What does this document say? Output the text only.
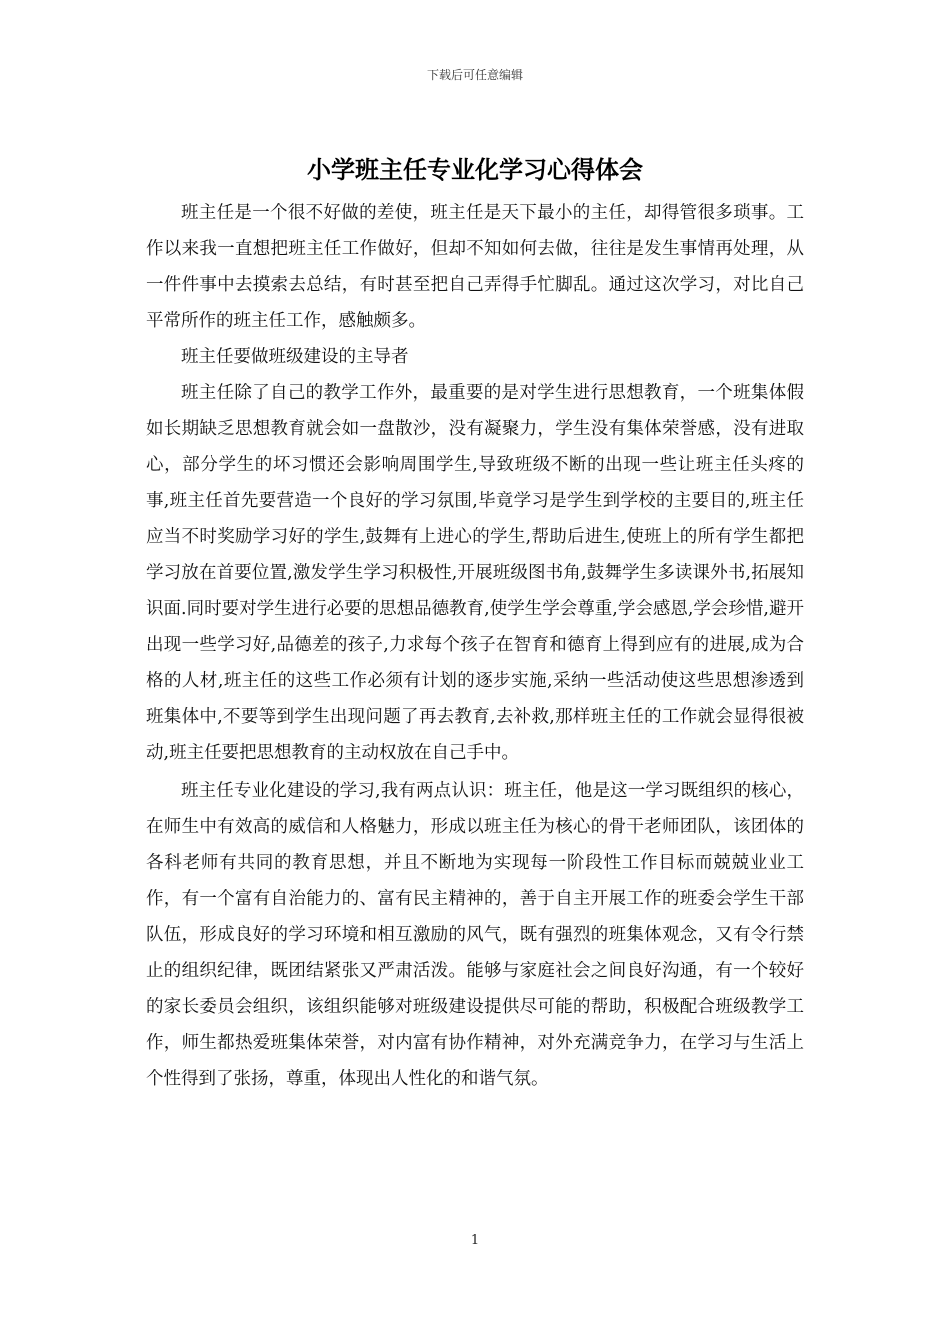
下载后可任意编辑
小学班主任专业化学习心得体会

班主任是一个很不好做的差使，班主任是天下最小的主任，却得管很多琐事。工作以来我一直想把班主任工作做好，但却不知如何去做，往往是发生事情再处理，从一件件事中去摸索去总结，有时甚至把自己弄得手忙脚乱。通过这次学习，对比自己平常所作的班主任工作，感触颇多。

班主任要做班级建设的主导者

班主任除了自己的教学工作外，最重要的是对学生进行思想教育，一个班集体假如长期缺乏思想教育就会如一盘散沙，没有凝聚力，学生没有集体荣誉感，没有进取心，部分学生的坏习惯还会影响周围学生,导致班级不断的出现一些让班主任头疼的事,班主任首先要营造一个良好的学习氛围,毕竟学习是学生到学校的主要目的,班主任应当不时奖励学习好的学生,鼓舞有上进心的学生,帮助后进生,使班上的所有学生都把学习放在首要位置,激发学生学习积极性,开展班级图书角,鼓舞学生多读课外书,拓展知识面.同时要对学生进行必要的思想品德教育,使学生学会尊重,学会感恩,学会珍惜,避开出现一些学习好,品德差的孩子,力求每个孩子在智育和德育上得到应有的进展,成为合格的人材,班主任的这些工作必须有计划的逐步实施,采纳一些活动使这些思想渗透到班集体中,不要等到学生出现问题了再去教育,去补救,那样班主任的工作就会显得很被动,班主任要把思想教育的主动权放在自己手中。

班主任专业化建设的学习,我有两点认识：班主任，他是这一学习既组织的核心，在师生中有效高的威信和人格魅力，形成以班主任为核心的骨干老师团队，该团体的各科老师有共同的教育思想，并且不断地为实现每一阶段性工作目标而兢兢业业工作，有一个富有自治能力的、富有民主精神的，善于自主开展工作的班委会学生干部队伍，形成良好的学习环境和相互激励的风气，既有强烈的班集体观念，又有令行禁止的组织纪律，既团结紧张又严肃活泼。能够与家庭社会之间良好沟通，有一个较好的家长委员会组织，该组织能够对班级建设提供尽可能的帮助，积极配合班级教学工作，师生都热爱班集体荣誉，对内富有协作精神，对外充满竞争力，在学习与生活上个性得到了张扬，尊重，体现出人性化的和谐气氛。

1
